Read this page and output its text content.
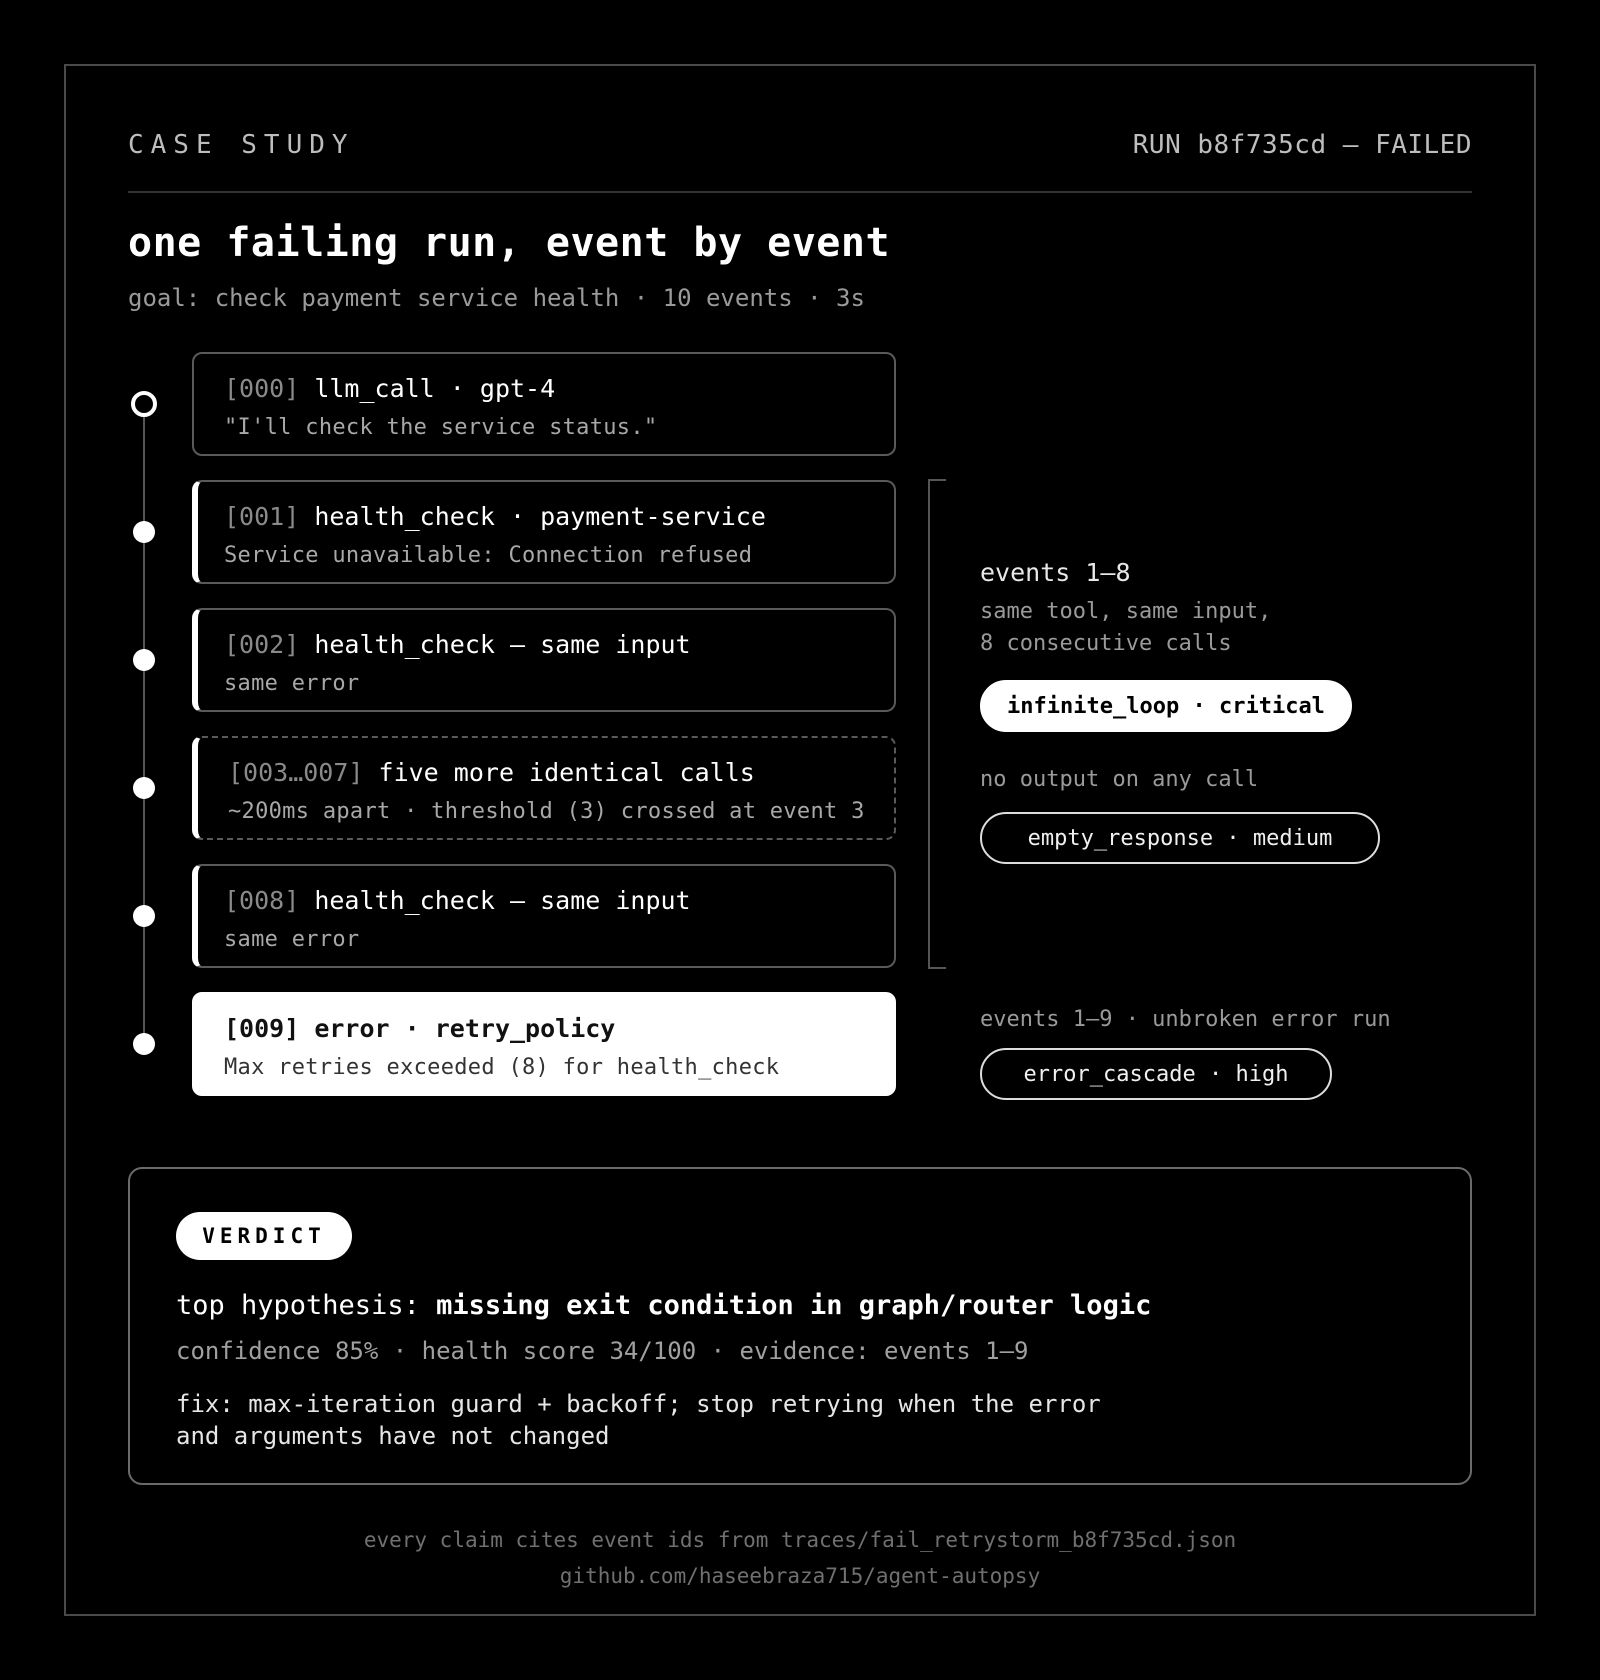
CASE STUDY	RUN b8f735cd — FAILED
one failing run, event by event
goal: check payment service health · 10 events · 3s
[000] llm_call · gpt-4
"I'll check the service status."
[001] health_check · payment-service
Service unavailable: Connection refused
[002] health_check — same input
same error
[003…007] five more identical calls
~200ms apart · threshold (3) crossed at event 3
[008] health_check — same input
same error
[009] error · retry_policy
Max retries exceeded (8) for health_check
events 1–8
same tool, same input,
8 consecutive calls
infinite_loop · critical
no output on any call
empty_response · medium
events 1–9 · unbroken error run
error_cascade · high
VERDICT
top hypothesis: missing exit condition in graph/router logic
confidence 85% · health score 34/100 · evidence: events 1–9
fix: max-iteration guard + backoff; stop retrying when the error
and arguments have not changed
every claim cites event ids from traces/fail_retrystorm_b8f735cd.json
github.com/haseebraza715/agent-autopsy
